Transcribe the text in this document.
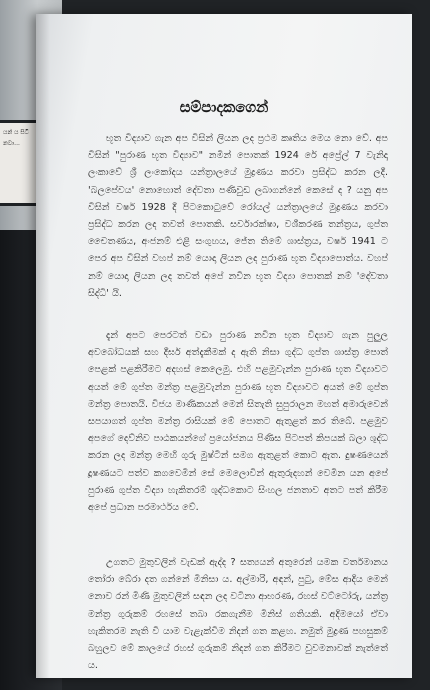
යන් ය සිටි නවා...
සම්පාදකගෙන්

භූත විද්‍යාව ගැන අප විසින් ලියන ලද ප්‍රථම කෘතිය මෙය නො වේ. අප විසින් "පුරාණ භූත විද්‍යාව" නමින් පොතක් 1924 රේ අප්‍රේල් 7 වැනිදා ලංකාවේ ශ්‍රී ලංකෝදය යන්ත්‍රාලයේ මුද්‍රණය කරවා ප්‍රසිද්ධ කරන ලදී. 'බලපේවය' නොහොත් දේවතා පණිවුඩ ලබාගන්නේ කෙසේ ද ? යනු අප විසින් වර්ෂ 1928 දී පිටකොටුවේ රෝයල් යන්ත්‍රාලයේ මුද්‍රණය කරවා ප්‍රසිද්ධ කරන ලද තවත් පොතකි. සර්වාරක්ෂා, වශීකරණ තන්ත්‍රය, ගුප්ත චෛතණය, අංජනම් එළි සංගුහය, ජේත තිමේ ශාස්ත්‍රය, වර්ෂ 1941 ට පෙර අප විසින් වහප් නම් යොදා ලියන ලද පුරාණ භූත විද්‍යාපොත්ය. වහප් නම් යොදා ලියන ලද තවත් අපේ නවීන භූත විද්‍යා පොතක් නම් 'දේවතා සිද්ධි' යි.

දැන් අපට පෙරටත් වඩා පුරාණ නවීන භූත විද්‍යාව ගැන පුලුල අවබෝධයක් සහ දීර්ඝ අත්දැකීමක් ද ඇති නිසා ගුද්ධ ගුප්ත ශාස්ත්‍ර පොත් පෙළක් පළකිරීමට අදහස් කෙලෙමු. එහි පළමුවැන්න පුරාණ භූත විද්‍යාවට අයත් මේ ගුප්ත මන්ත්‍ර පළමුවැන්න පුරාණ භූත විද්‍යාවට අයත් මේ ගුප්ත මන්ත්‍ර පොතයි. විජය මාණිකයන් මෙන් සිතැති සුපුරාලන මහත් අමාරුවෙන් සපයාගත් ගුප්ත මන්ත්‍ර රාසියක් මේ පොතට ඇතුළත් කර තිබේ. පළමුව අපගේ දෙව්නිව පාඨකයන්ගේ ප්‍රයෝජනය පිණිස පිටපත් කිපයක් බලා ශුද්ධ කරන ලද මන්ත්‍ර මෙහි ගුරු මුෂ්ටීන් සමග ඇතුළත් කොට ඇත. දුෂණයෙන් දූෂණයට පත්ව කගවෙමින් සේ මෙලොවින් ඇතුරුදහන් වෙමින යන අපේ පුරාණ ගුප්ත විද්‍යා හැකිතරම් ශුද්ධකොට සිංහල ජනතාව අතට පත් කිරීම අපේ ප්‍රධාන පරමාර්ථය වේ.

උගතට මුතුවලින් වැඩක් ඇද්ද ? සත්‍යයන් අතුරෙන් යමක වර්තමානය තෝරා බේරා දත ගන්නේ මිනිසා ය. අල්මාරි, අඳන්, පුටු, මේස ආදිය මෙන් නොව රන් මිණි මුතුවලින් සඳන ලද වටිනා ආභරණ, රහස් වට්ටෝරු, යන්ත්‍ර මන්ත්‍ර ගුරුකම් රහසේ තබා රකගැනීම මිනිස් ගතියකි. අදිමයෝ ඒවා හැකිතරම නැති වී යාම වැළැක්වීම නිදන් ගත කළහ. නමුත් මුද්‍රණ පහසුකම් බහුලව මේ කාලයේ රහස් ගුරුකම් නිදන් ගත කිරීමට වුවමනාවක් නැත්තේ ය.
